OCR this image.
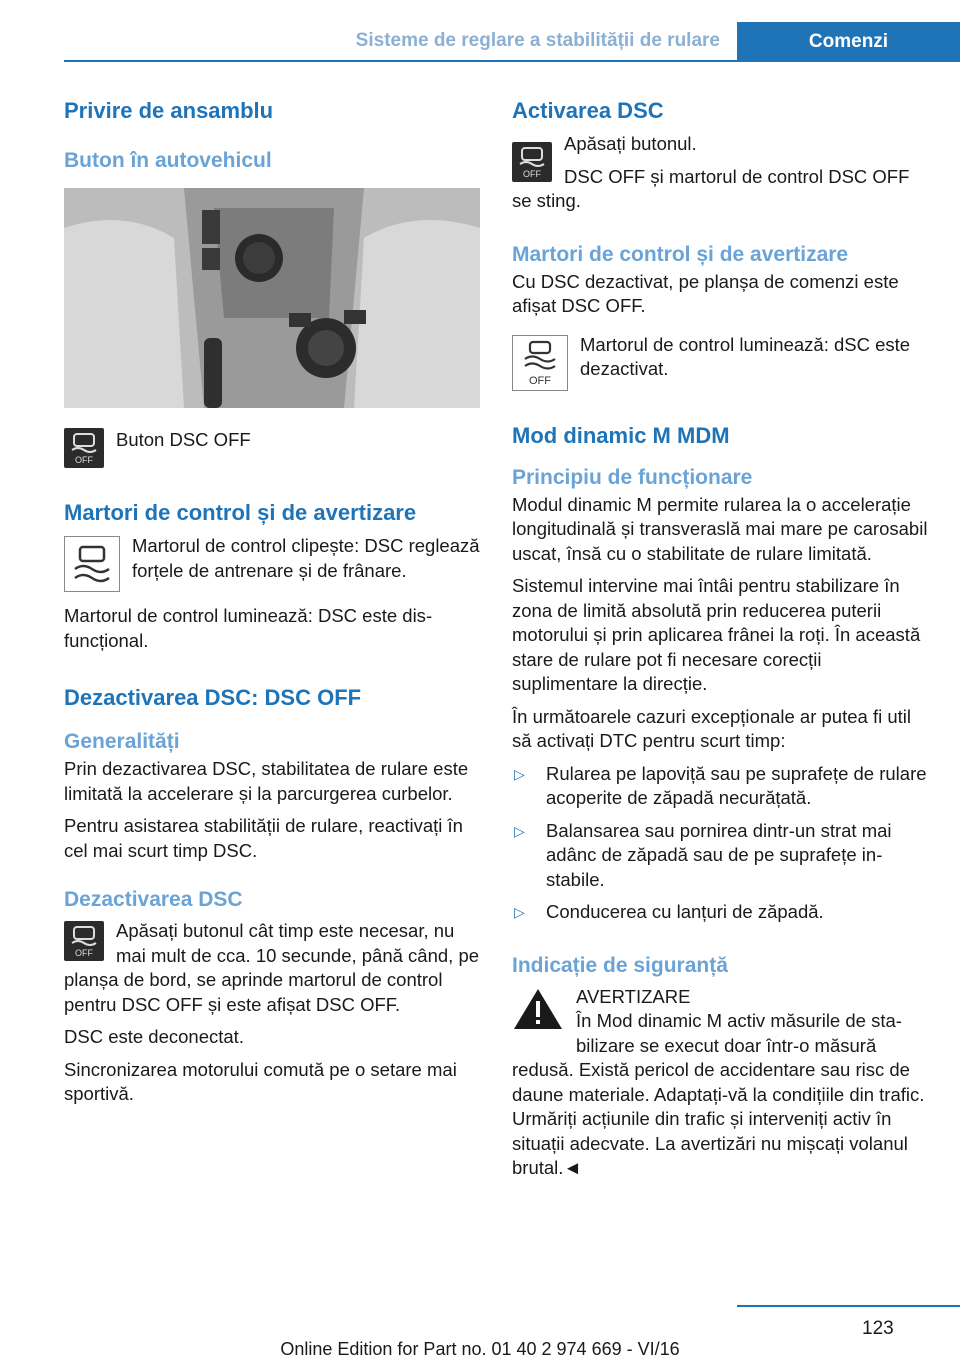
Sisteme de reglare a stabilității de rulare	Comenzi
Privire de ansamblu
Buton în autovehicul
OFF

Buton DSC OFF

Martori de control și de avertizare

Martorul de control clipește: DSC reglează forțele de antrenare și de frânare.

Martorul de control luminează: DSC este disfuncțional.

Dezactivarea DSC: DSC OFF
Generalități

Prin dezactivarea DSC, stabilitatea de rulare este limitată la accelerare și la parcurgerea curbelor.

Pentru asistarea stabilității de rulare, reactivați în cel mai scurt timp DSC.

Dezactivarea DSC
OFF

Apăsați butonul cât timp este necesar, nu mai mult de cca. 10 secunde, până când, pe planșa de bord, se aprinde martorul de control pentru DSC OFF și este afișat DSC OFF.

DSC este deconectat.

Sincronizarea motorului comută pe o setare mai sportivă.

Activarea DSC
OFF

Apăsați butonul.

DSC OFF și martorul de control DSC OFF se sting.

Martori de control și de avertizare

Cu DSC dezactivat, pe planșa de comenzi este afișat DSC OFF.

OFF

Martorul de control luminează: dSC este dezactivat.

Mod dinamic M MDM
Principiu de funcționare

Modul dinamic M permite rularea la o accelerație longitudinală și transveraslă mai mare pe carosabil uscat, însă cu o stabilitate de rulare limitată.

Sistemul intervine mai întâi pentru stabilizare în zona de limită absolută prin reducerea puterii motorului și prin aplicarea frânei la roți. În această stare de rulare pot fi necesare corecții suplimentare la direcție.

În următoarele cazuri excepționale ar putea fi util să activați DTC pentru scurt timp:

▷ Rularea pe lapoviță sau pe suprafețe de rulare acoperite de zăpadă necurățată.
▷ Balansarea sau pornirea dintr-un strat mai adânc de zăpadă sau de pe suprafețe instabile.
▷ Conducerea cu lanțuri de zăpadă.
Indicație de siguranță

AVERTIZARE

În Mod dinamic M activ măsurile de stabilizare se execut doar într-o măsură redusă. Există pericol de accidentare sau risc de daune materiale. Adaptați-vă la condițiile din trafic. Urmăriți acțiunile din trafic și interveniți activ în situații adecvate. La avertizări nu mișcați volanul brutal.◄

123
Online Edition for Part no. 01 40 2 974 669 - VI/16
